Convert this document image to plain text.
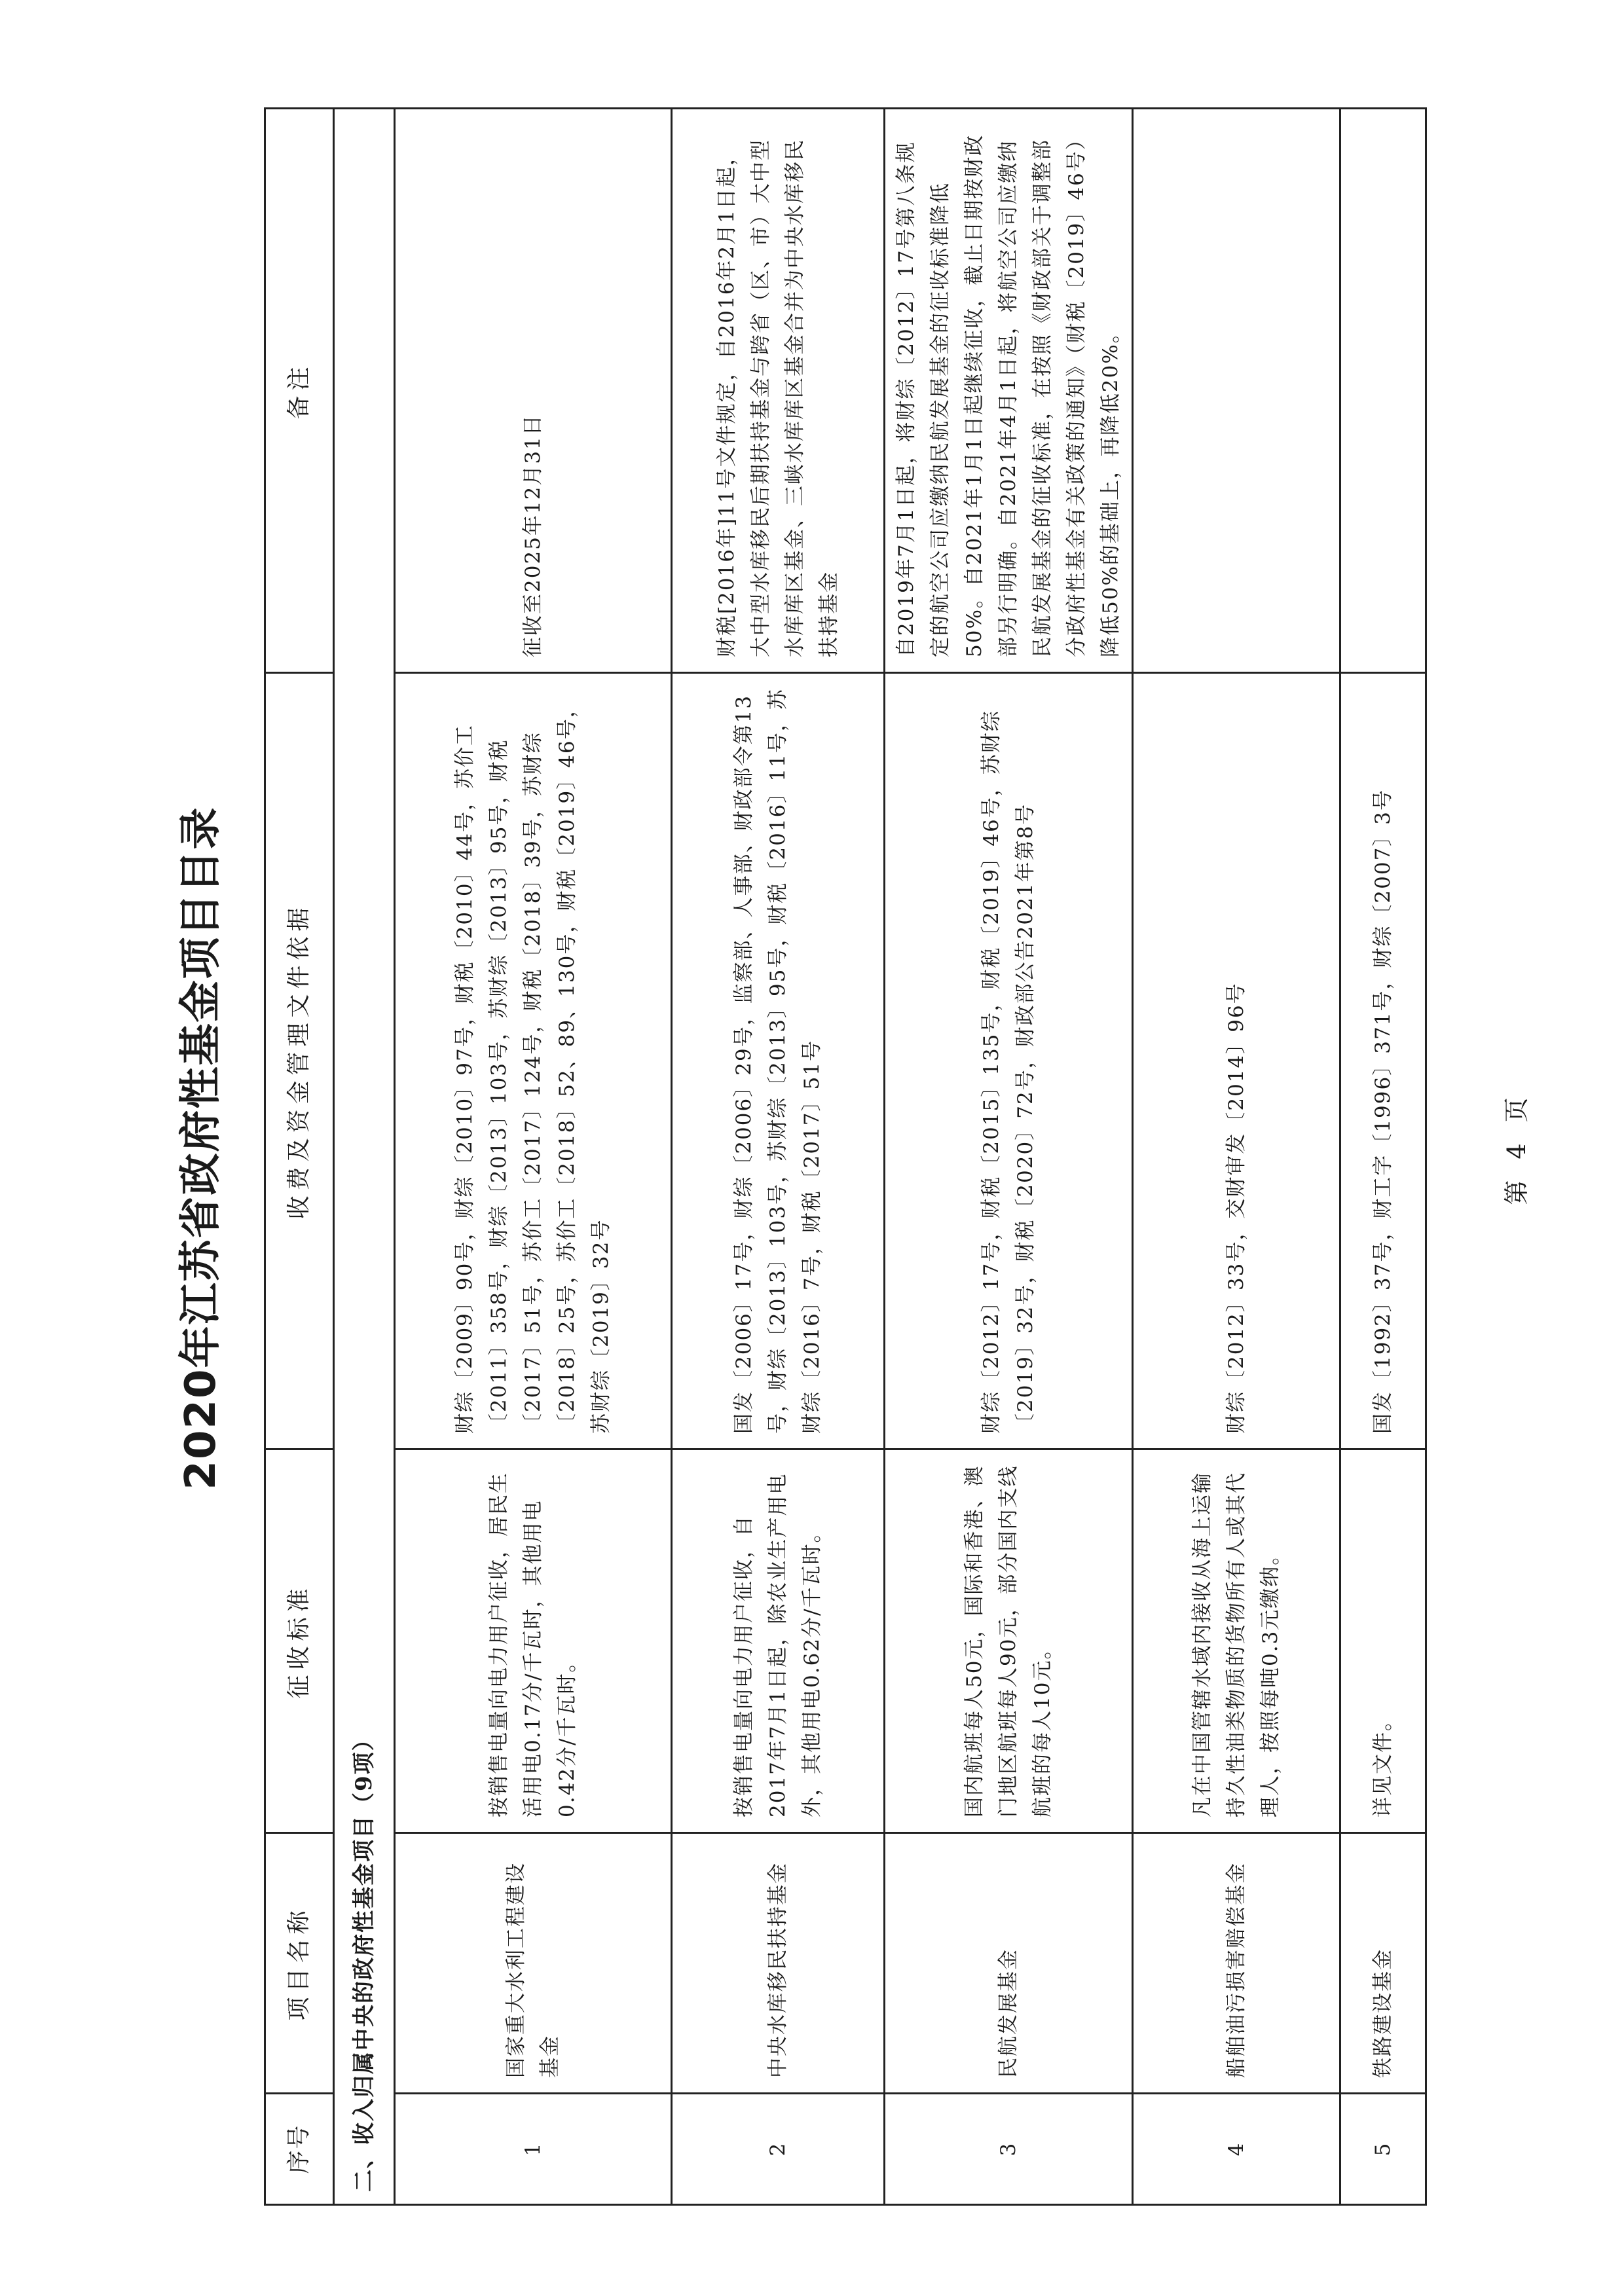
2020年江苏省政府性基金项目目录
序号	项目名称	征收标准	收费及资金管理文件依据	备注
二、收入归属中央的政府性基金项目（9项）				
1	国家重大水利工程建设基金	按销售电量向电力用户征收，居民生活用电0.17分/千瓦时，其他用电0.42分/千瓦时。	财综〔2009〕90号，财综〔2010〕97号，财税〔2010〕44号，苏价工〔2011〕358号，财综〔2013〕103号，苏财综〔2013〕95号，财税〔2017〕51号，苏价工〔2017〕124号，财税〔2018〕39号，苏财综〔2018〕25号，苏价工〔2018〕52、89、130号，财税〔2019〕46号，苏财综〔2019〕32号	征收至2025年12月31日
2	中央水库移民扶持基金	按销售电量向电力用户征收，自2017年7月1日起，除农业生产用电外，其他用电0.62分/千瓦时。	国发〔2006〕17号，财综〔2006〕29号，监察部、人事部、财政部令第13号，财综〔2013〕103号，苏财综〔2013〕95号，财税〔2016〕11号，苏财综〔2016〕7号，财税〔2017〕51号	财税[2016年]11号文件规定，自2016年2月1日起，大中型水库移民后期扶持基金与跨省（区、市）大中型水库库区基金、三峡水库库区基金合并为中央水库移民扶持基金
3	民航发展基金	国内航班每人50元，国际和香港、澳门地区航班每人90元，部分国内支线航班的每人10元。	财综〔2012〕17号，财税〔2015〕135号，财税〔2019〕46号，苏财综〔2019〕32号，财税〔2020〕72号，财政部公告2021年第8号	自2019年7月1日起，将财综〔2012〕17号第八条规定的航空公司应缴纳民航发展基金的征收标准降低50%。自2021年1月1日起继续征收，截止日期按财政部另行明确。自2021年4月1日起，将航空公司应缴纳民航发展基金的征收标准，在按照《财政部关于调整部分政府性基金有关政策的通知》（财税〔2019〕46号）降低50%的基础上，再降低20%。
4	船舶油污损害赔偿基金	凡在中国管辖水域内接收从海上运输持久性油类物质的货物所有人或其代理人，按照每吨0.3元缴纳。	财综〔2012〕33号，交财审发〔2014〕96号	
5	铁路建设基金	详见文件。	国发〔1992〕37号，财工字〔1996〕371号，财综〔2007〕3号		第 4 页
